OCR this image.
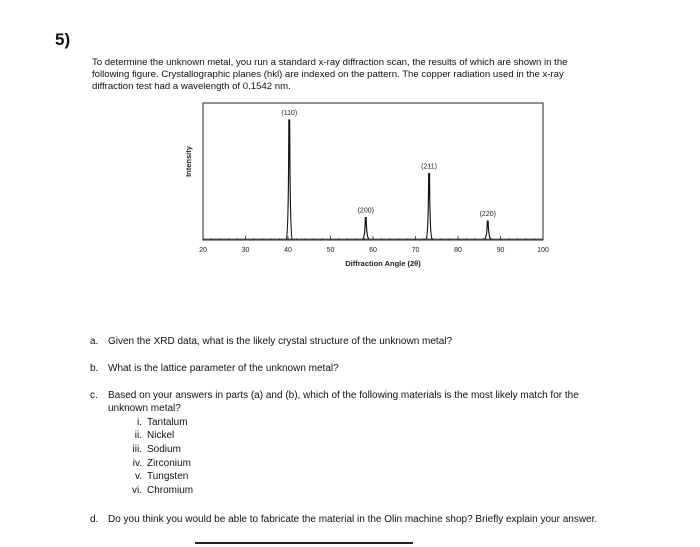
5)
To determine the unknown metal, you run a standard x-ray diffraction scan, the results of which are shown in the
following figure. Crystallographic planes (hkl) are indexed on the pattern. The copper radiation used in the x-ray
diffraction test had a wavelength of 0.1542 nm.
20	30	40	50	60	70	80	90	100
(110)
(200)
(211)
(220)
Diffraction Angle (2θ)
Intensity
a. Given the XRD data, what is the likely crystal structure of the unknown metal?
b. What is the lattice parameter of the unknown metal?
c. Based on your answers in parts (a) and (b), which of the following materials is the most likely match for the
unknown metal?
i. Tantalum
ii. Nickel
iii. Sodium
iv. Zirconium
v. Tungsten
vi. Chromium
d. Do you think you would be able to fabricate the material in the Olin machine shop? Briefly explain your answer.
